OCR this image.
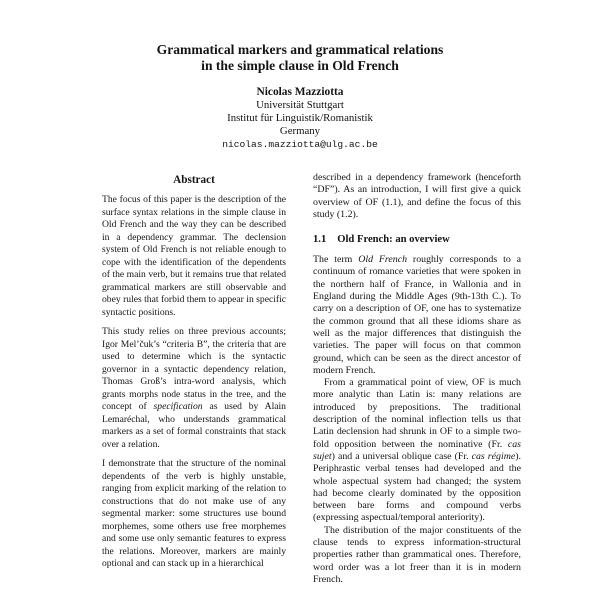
Grammatical markers and grammatical relations
in the simple clause in Old French
Nicolas Mazziotta
Universität Stuttgart
Institut für Linguistik/Romanistik
Germany
nicolas.mazziotta@ulg.ac.be
Abstract

The focus of this paper is the description of the surface syntax relations in the simple clause in Old French and the way they can be described in a dependency grammar. The declension system of Old French is not reliable enough to cope with the identification of the dependents of the main verb, but it remains true that related grammatical markers are still observable and obey rules that forbid them to appear in specific syntactic positions.

This study relies on three previous accounts; Igor Mel’čuk’s “criteria B”, the criteria that are used to determine which is the syntactic governor in a syntactic dependency relation, Thomas Groß’s intra-word analysis, which grants morphs node status in the tree, and the concept of specification as used by Alain Lemaréchal, who understands grammatical markers as a set of formal constraints that stack over a relation.

I demonstrate that the structure of the nominal dependents of the verb is highly unstable, ranging from explicit marking of the relation to constructions that do not make use of any segmental marker: some structures use bound morphemes, some others use free morphemes and some use only semantic features to express the relations. Moreover, markers are mainly optional and can stack up in a hierarchical

described in a dependency framework (henceforth “DF”). As an introduction, I will first give a quick overview of OF (1.1), and define the focus of this study (1.2).

1.1 Old French: an overview

The term Old French roughly corresponds to a continuum of romance varieties that were spoken in the northern half of France, in Wallonia and in England during the Middle Ages (9th-13th C.). To carry on a description of OF, one has to systematize the common ground that all these idioms share as well as the major differences that distinguish the varieties. The paper will focus on that common ground, which can be seen as the direct ancestor of modern French.

From a grammatical point of view, OF is much more analytic than Latin is: many relations are introduced by prepositions. The traditional description of the nominal inflection tells us that Latin declension had shrunk in OF to a simple two-fold opposition between the nominative (Fr. cas sujet) and a universal oblique case (Fr. cas régime). Periphrastic verbal tenses had developed and the whole aspectual system had changed; the system had become clearly dominated by the opposition between bare forms and compound verbs (expressing aspectual/temporal anteriority).

The distribution of the major constituents of the clause tends to express information-structural properties rather than grammatical ones. Therefore, word order was a lot freer than it is in modern French.
